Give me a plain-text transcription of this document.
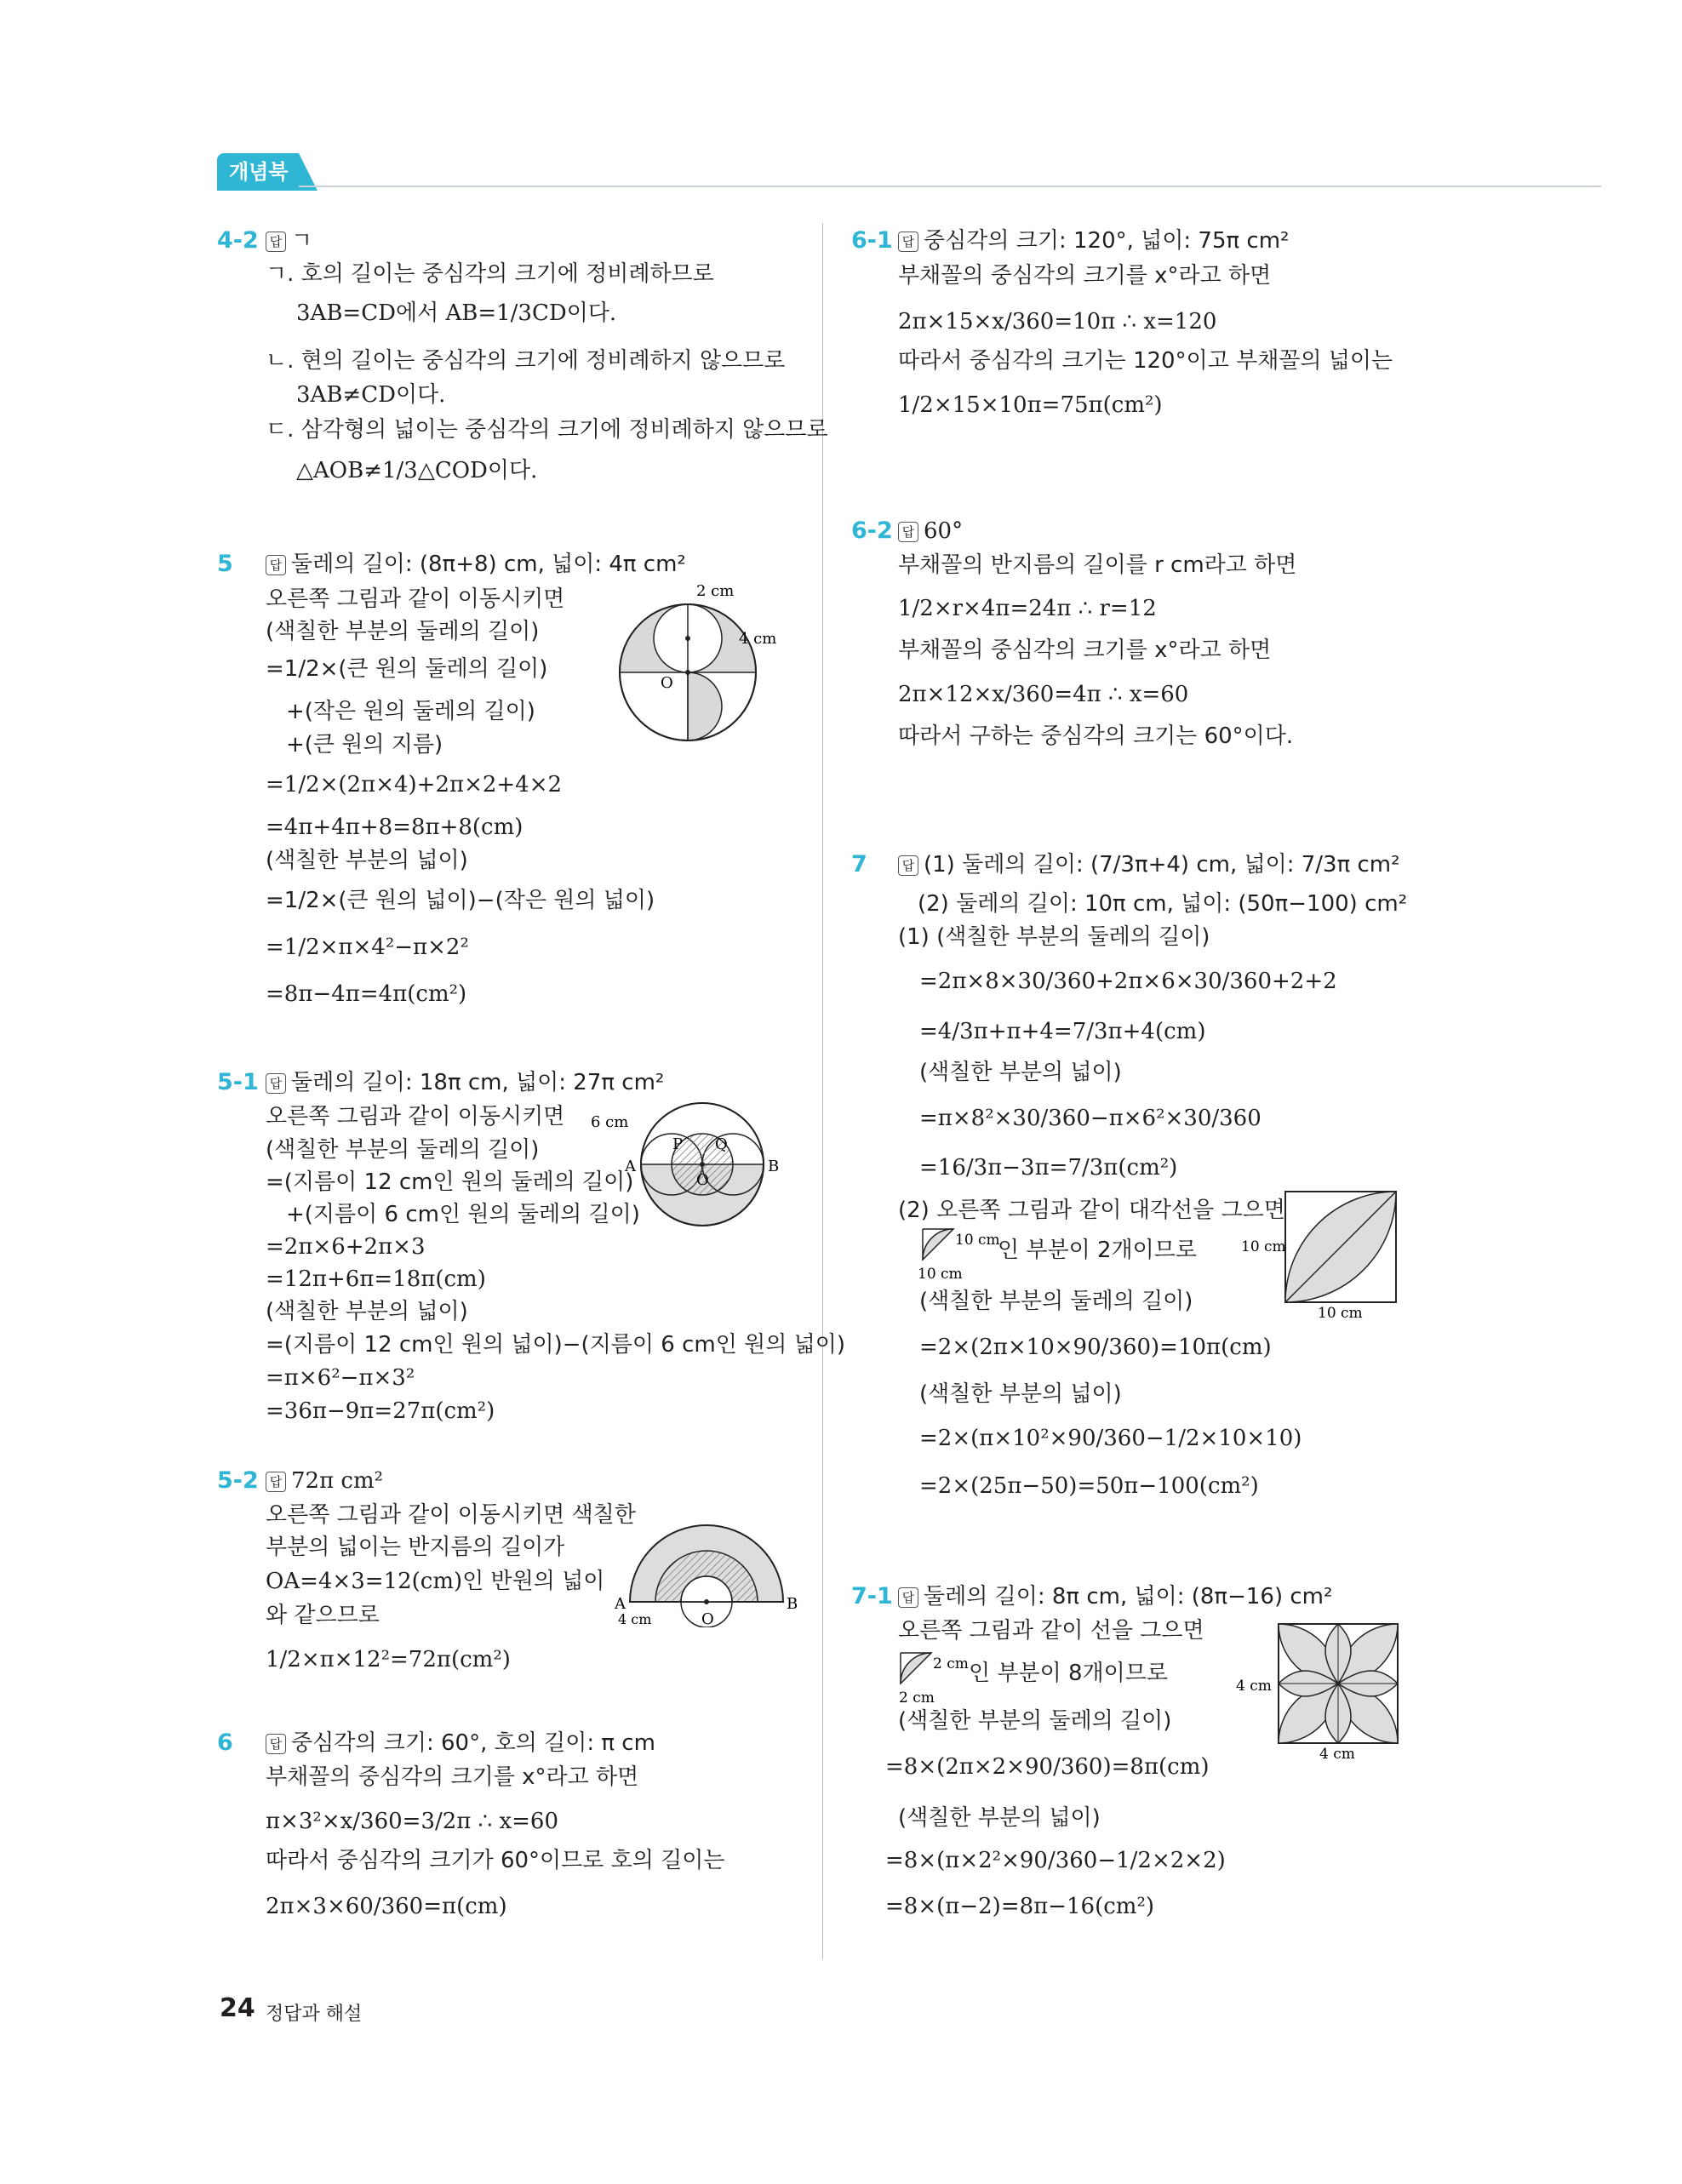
개념북
4-2 답 ㄱ
ㄱ. 호의 길이는 중심각의 크기에 정비례하므로
3AB=CD에서 AB=1/3CD이다.
ㄴ. 현의 길이는 중심각의 크기에 정비례하지 않으므로
3AB≠CD이다.
ㄷ. 삼각형의 넓이는 중심각의 크기에 정비례하지 않으므로
△AOB≠1/3△COD이다.
5	답 둘레의 길이: (8π+8) cm, 넓이: 4π cm²
오른쪽 그림과 같이 이동시키면
(색칠한 부분의 둘레의 길이)
=1/2×(큰 원의 둘레의 길이)
+(작은 원의 둘레의 길이)
+(큰 원의 지름)
=1/2×(2π×4)+2π×2+4×2
=4π+4π+8=8π+8(cm)
(색칠한 부분의 넓이)
=1/2×(큰 원의 넓이)−(작은 원의 넓이)
=1/2×π×4²−π×2²
=8π−4π=4π(cm²)
2 cm
4 cm
O
5-1 답 둘레의 길이: 18π cm, 넓이: 27π cm²
오른쪽 그림과 같이 이동시키면
(색칠한 부분의 둘레의 길이)
=(지름이 12 cm인 원의 둘레의 길이)
+(지름이 6 cm인 원의 둘레의 길이)
=2π×6+2π×3
=12π+6π=18π(cm)
(색칠한 부분의 넓이)
=(지름이 12 cm인 원의 넓이)−(지름이 6 cm인 원의 넓이)
=π×6²−π×3²
=36π−9π=27π(cm²)
6 cm
A
P Q
B
O
5-2 답 72π cm²
오른쪽 그림과 같이 이동시키면 색칠한
부분의 넓이는 반지름의 길이가
OA=4×3=12(cm)인 반원의 넓이
와 같으므로
1/2×π×12²=72π(cm²)
A	B
O
4 cm
6	답 중심각의 크기: 60°, 호의 길이: π cm
부채꼴의 중심각의 크기를 x°라고 하면
π×3²×x/360=3/2π ∴ x=60
따라서 중심각의 크기가 60°이므로 호의 길이는
2π×3×60/360=π(cm)
6-1 답 중심각의 크기: 120°, 넓이: 75π cm²
부채꼴의 중심각의 크기를 x°라고 하면
2π×15×x/360=10π ∴ x=120
따라서 중심각의 크기는 120°이고 부채꼴의 넓이는
1/2×15×10π=75π(cm²)
6-2 답 60°
부채꼴의 반지름의 길이를 r cm라고 하면
1/2×r×4π=24π ∴ r=12
부채꼴의 중심각의 크기를 x°라고 하면
2π×12×x/360=4π ∴ x=60
따라서 구하는 중심각의 크기는 60°이다.
7	답 (1) 둘레의 길이: (7/3π+4) cm, 넓이: 7/3π cm²
(2) 둘레의 길이: 10π cm, 넓이: (50π−100) cm²
(1) (색칠한 부분의 둘레의 길이)
=2π×8×30/360+2π×6×30/360+2+2
=4/3π+π+4=7/3π+4(cm)
(색칠한 부분의 넓이)
=π×8²×30/360−π×6²×30/360
=16/3π−3π=7/3π(cm²)
(2) 오른쪽 그림과 같이 대각선을 그으면
10 cm
10 cm
인 부분이 2개이므로
(색칠한 부분의 둘레의 길이)
=2×(2π×10×90/360)=10π(cm)
(색칠한 부분의 넓이)
=2×(π×10²×90/360−1/2×10×10)
=2×(25π−50)=50π−100(cm²)
10 cm
10 cm
7-1 답 둘레의 길이: 8π cm, 넓이: (8π−16) cm²
오른쪽 그림과 같이 선을 그으면
2 cm
2 cm
인 부분이 8개이므로
(색칠한 부분의 둘레의 길이)
=8×(2π×2×90/360)=8π(cm)
(색칠한 부분의 넓이)
=8×(π×2²×90/360−1/2×2×2)
=8×(π−2)=8π−16(cm²)
4 cm
4 cm
24 정답과 해설
